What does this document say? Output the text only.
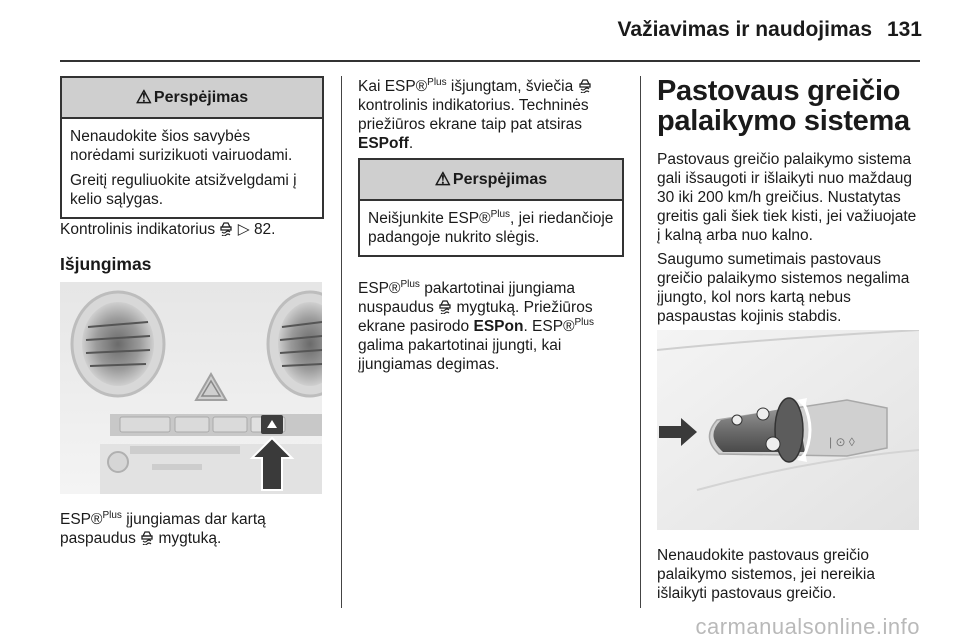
Važiavimas ir naudojimas 131
⚠ Perspėjimas

Nenaudokite šios savybės norėdami surizikuoti vairuodami.

Greitį reguliuokite atsižvelgdami į kelio sąlygas.

Kontrolinis indikatorius ▷ 82.

Išjungimas

ESP®$^{Plus}$ įjungiamas dar kartą paspaudus mygtuką.

Kai ESP®$^{Plus}$ išjungtam, šviečia  kontrolinis indikatorius. Techninės priežiūros ekrane taip pat atsiras ESPoff.

⚠ Perspėjimas

Neišjunkite ESP®$^{Plus}$, jei riedančioje padangoje nukrito slėgis.

ESP®$^{Plus}$ pakartotinai įjungiama nuspaudus mygtuką. Priežiūros ekrane pasirodo ESPon. ESP®$^{Plus}$ galima pakartotinai įjungti, kai įjungiamas degimas.

Pastovaus greičio
palaikymo sistema

Pastovaus greičio palaikymo sistema gali išsaugoti ir išlaikyti nuo maždaug 30 iki 200 km/h greičius. Nustatytas greitis gali šiek tiek kisti, jei važiuojate į kalną arba nuo kalno.

Saugumo sumetimais pastovaus greičio palaikymo sistemos negalima įjungto, kol nors kartą nebus paspaustas kojinis stabdis.

| ⊙ ◊

Nenaudokite pastovaus greičio palaikymo sistemos, jei nereikia išlaikyti pastovaus greičio.

carmanualsonline.info
